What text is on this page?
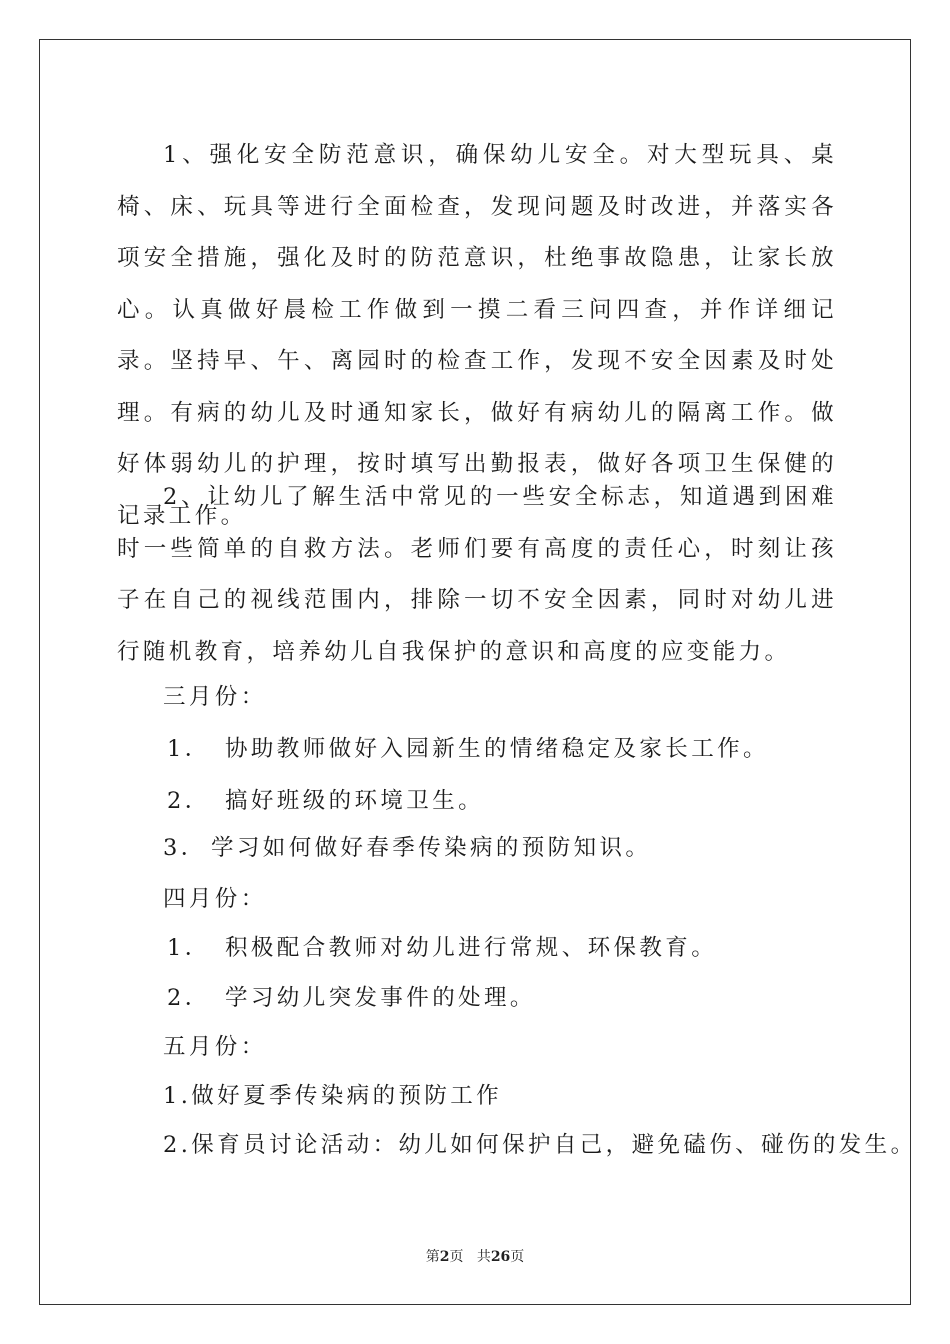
1、强化安全防范意识，确保幼儿安全。对大型玩具、桌椅、床、玩具等进行全面检查，发现问题及时改进，并落实各项安全措施，强化及时的防范意识，杜绝事故隐患，让家长放心。认真做好晨检工作做到一摸二看三问四查，并作详细记录。坚持早、午、离园时的检查工作，发现不安全因素及时处理。有病的幼儿及时通知家长，做好有病幼儿的隔离工作。做好体弱幼儿的护理，按时填写出勤报表，做好各项卫生保健的记录工作。

2、让幼儿了解生活中常见的一些安全标志，知道遇到困难时一些简单的自救方法。老师们要有高度的责任心，时刻让孩子在自己的视线范围内，排除一切不安全因素，同时对幼儿进行随机教育，培养幼儿自我保护的意识和高度的应变能力。

三月份：

1． 协助教师做好入园新生的情绪稳定及家长工作。

2． 搞好班级的环境卫生。

3． 学习如何做好春季传染病的预防知识。

四月份：

1． 积极配合教师对幼儿进行常规、环保教育。

2． 学习幼儿突发事件的处理。

五月份：

1.做好夏季传染病的预防工作

2.保育员讨论活动：幼儿如何保护自己，避免磕伤、碰伤的发生。

第2页 共26页
